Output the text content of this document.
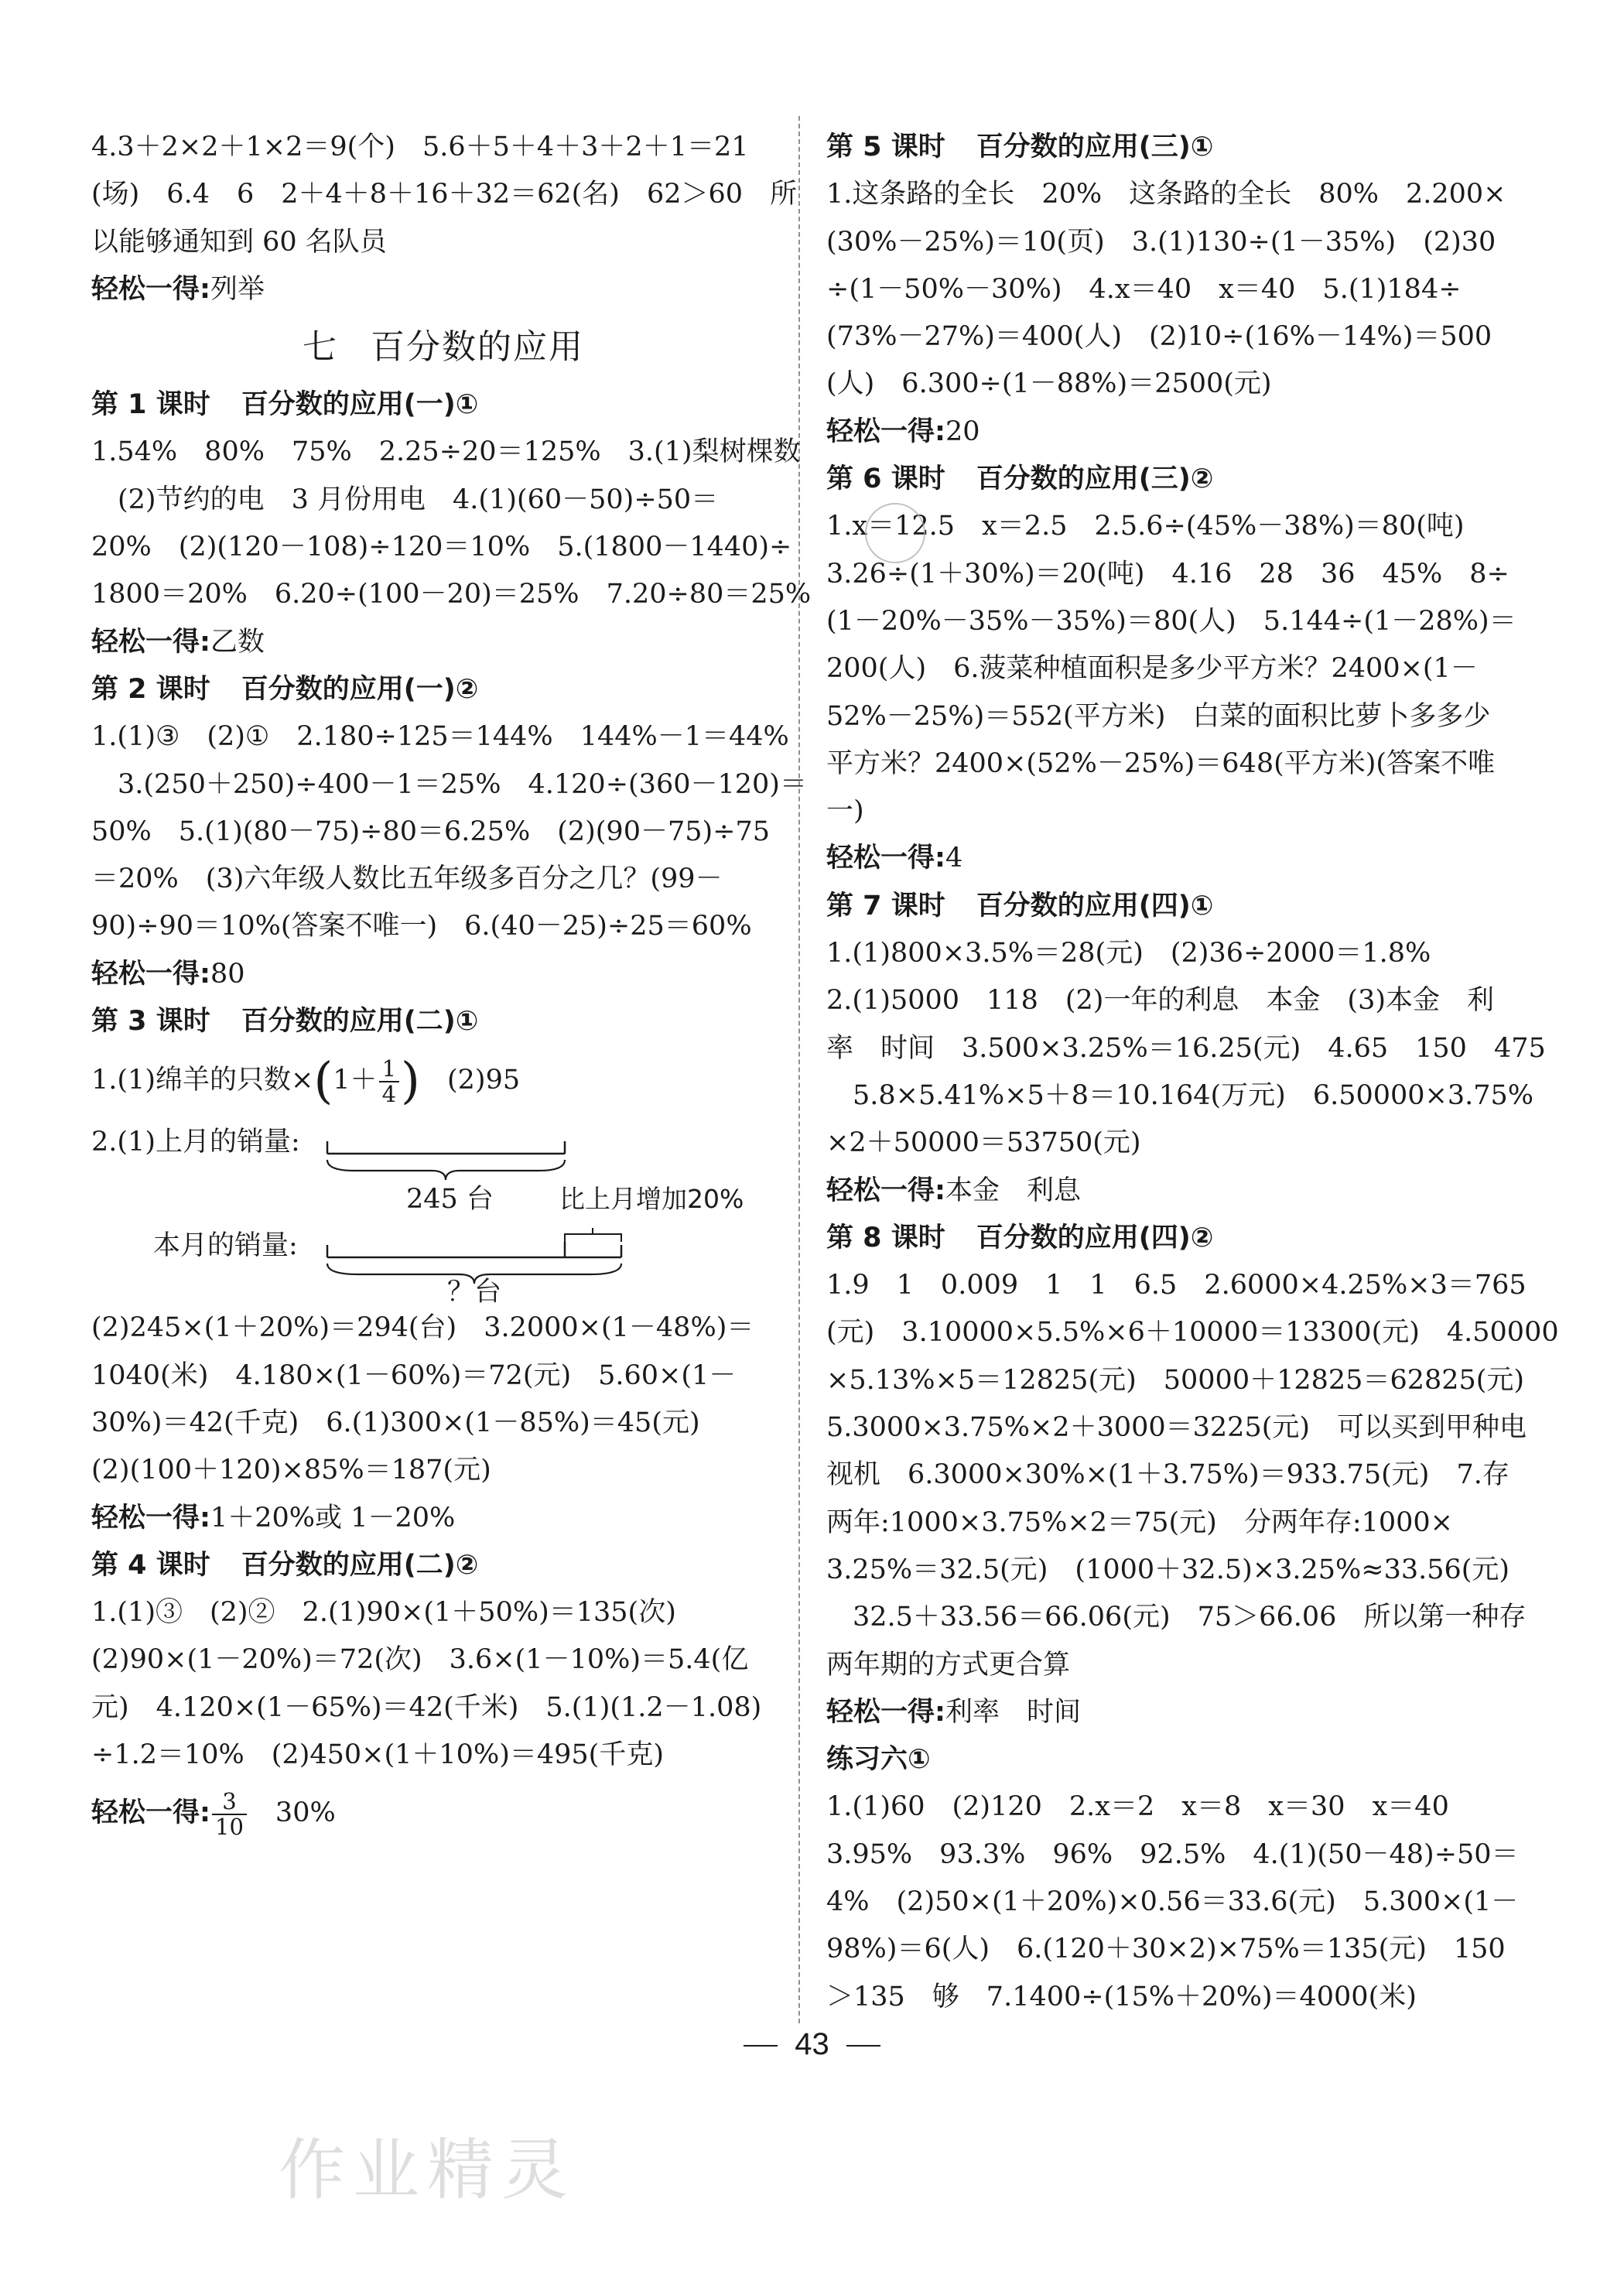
4.3＋2×2＋1×2＝9(个)　5.6＋5＋4＋3＋2＋1＝21
(场)　6.4　6　2＋4＋8＋16＋32＝62(名)　62＞60　所
以能够通知到 60 名队员
轻松一得:列举
七 百分数的应用
第 1 课时 百分数的应用(一)①
1.54%　80%　75%　2.25÷20＝125%　3.(1)梨树棵数
(2)节约的电　3 月份用电　4.(1)(60－50)÷50＝
20%　(2)(120－108)÷120＝10%　5.(1800－1440)÷
1800＝20%　6.20÷(100－20)＝25%　7.20÷80＝25%
轻松一得:乙数
第 2 课时 百分数的应用(一)②
1.(1)③　(2)①　2.180÷125＝144%　144%－1＝44%
3.(250＋250)÷400－1＝25%　4.120÷(360－120)＝
50%　5.(1)(80－75)÷80＝6.25%　(2)(90－75)÷75
＝20%　(3)六年级人数比五年级多百分之几？(99－
90)÷90＝10%(答案不唯一)　6.(40－25)÷25＝60%
轻松一得:80
第 3 课时 百分数的应用(二)①
1.(1)绵羊的只数$\times(1+ \frac{1}{4}$ )　 (2)95
2.(1)上月的销量:
245 台	比上月增加20%
本月的销量:
？台
(2)245×(1＋20%)＝294(台)　3.2000×(1－48%)＝
1040(米)　4.180×(1－60%)＝72(元)　5.60×(1－
30%)＝42(千克)　6.(1)300×(1－85%)＝45(元)
(2)(100＋120)×85%＝187(元)
轻松一得:1＋20%或 1－20%
第 4 课时 百分数的应用(二)②
1.(1)③　(2)②　2.(1)90×(1＋50%)＝135(次)
(2)90×(1－20%)＝72(次)　3.6×(1－10%)＝5.4(亿
元)　4.120×(1－65%)＝42(千米)　5.(1)(1.2－1.08)
÷1.2＝10%　(2)450×(1＋10%)＝495(千克)
轻松一得: $\frac{3}{10}$
　 30%
第 5 课时 百分数的应用(三)①
1.这条路的全长　20%　这条路的全长　80%　2.200×
(30%－25%)＝10(页)　3.(1)130÷(1－35%)　(2)30
÷(1－50%－30%)　4.x＝40　x＝40　5.(1)184÷
(73%－27%)＝400(人)　(2)10÷(16%－14%)＝500
(人)　6.300÷(1－88%)＝2500(元)
轻松一得:20
第 6 课时 百分数的应用(三)②
1.x＝12.5　x＝2.5　2.5.6÷(45%－38%)＝80(吨)
3.26÷(1＋30%)＝20(吨)　4.16　28　36　45%　8÷
(1－20%－35%－35%)＝80(人)　5.144÷(1－28%)＝
200(人)　6.菠菜种植面积是多少平方米？2400×(1－
52%－25%)＝552(平方米)　白菜的面积比萝卜多多少
平方米？2400×(52%－25%)＝648(平方米)(答案不唯
一)
轻松一得:4
第 7 课时 百分数的应用(四)①
1.(1)800×3.5%＝28(元)　(2)36÷2000＝1.8%
2.(1)5000　118　(2)一年的利息　本金　(3)本金　利
率　时间　3.500×3.25%＝16.25(元)　4.65　150　475
5.8×5.41%×5＋8＝10.164(万元)　6.50000×3.75%
×2＋50000＝53750(元)
轻松一得:本金　利息
第 8 课时 百分数的应用(四)②
1.9　1　0.009　1　1　6.5　2.6000×4.25%×3＝765
(元)　3.10000×5.5%×6＋10000＝13300(元)　4.50000
×5.13%×5＝12825(元)　50000＋12825＝62825(元)
5.3000×3.75%×2＋3000＝3225(元)　可以买到甲种电
视机　6.3000×30%×(1＋3.75%)＝933.75(元)　7.存
两年:1000×3.75%×2＝75(元)　分两年存:1000×
3.25%＝32.5(元)　(1000＋32.5)×3.25%≈33.56(元)
32.5＋33.56＝66.06(元)　75＞66.06　所以第一种存
两年期的方式更合算
轻松一得:利率　时间
练习六①
1.(1)60　(2)120　2.x＝2　x＝8　x＝30　x＝40
3.95%　93.3%　96%　92.5%　4.(1)(50－48)÷50＝
4%　(2)50×(1＋20%)×0.56＝33.6(元)　5.300×(1－
98%)＝6(人)　6.(120＋30×2)×75%＝135(元)　150
＞135　够　7.1400÷(15%＋20%)＝4000(米)
43
作业精灵
